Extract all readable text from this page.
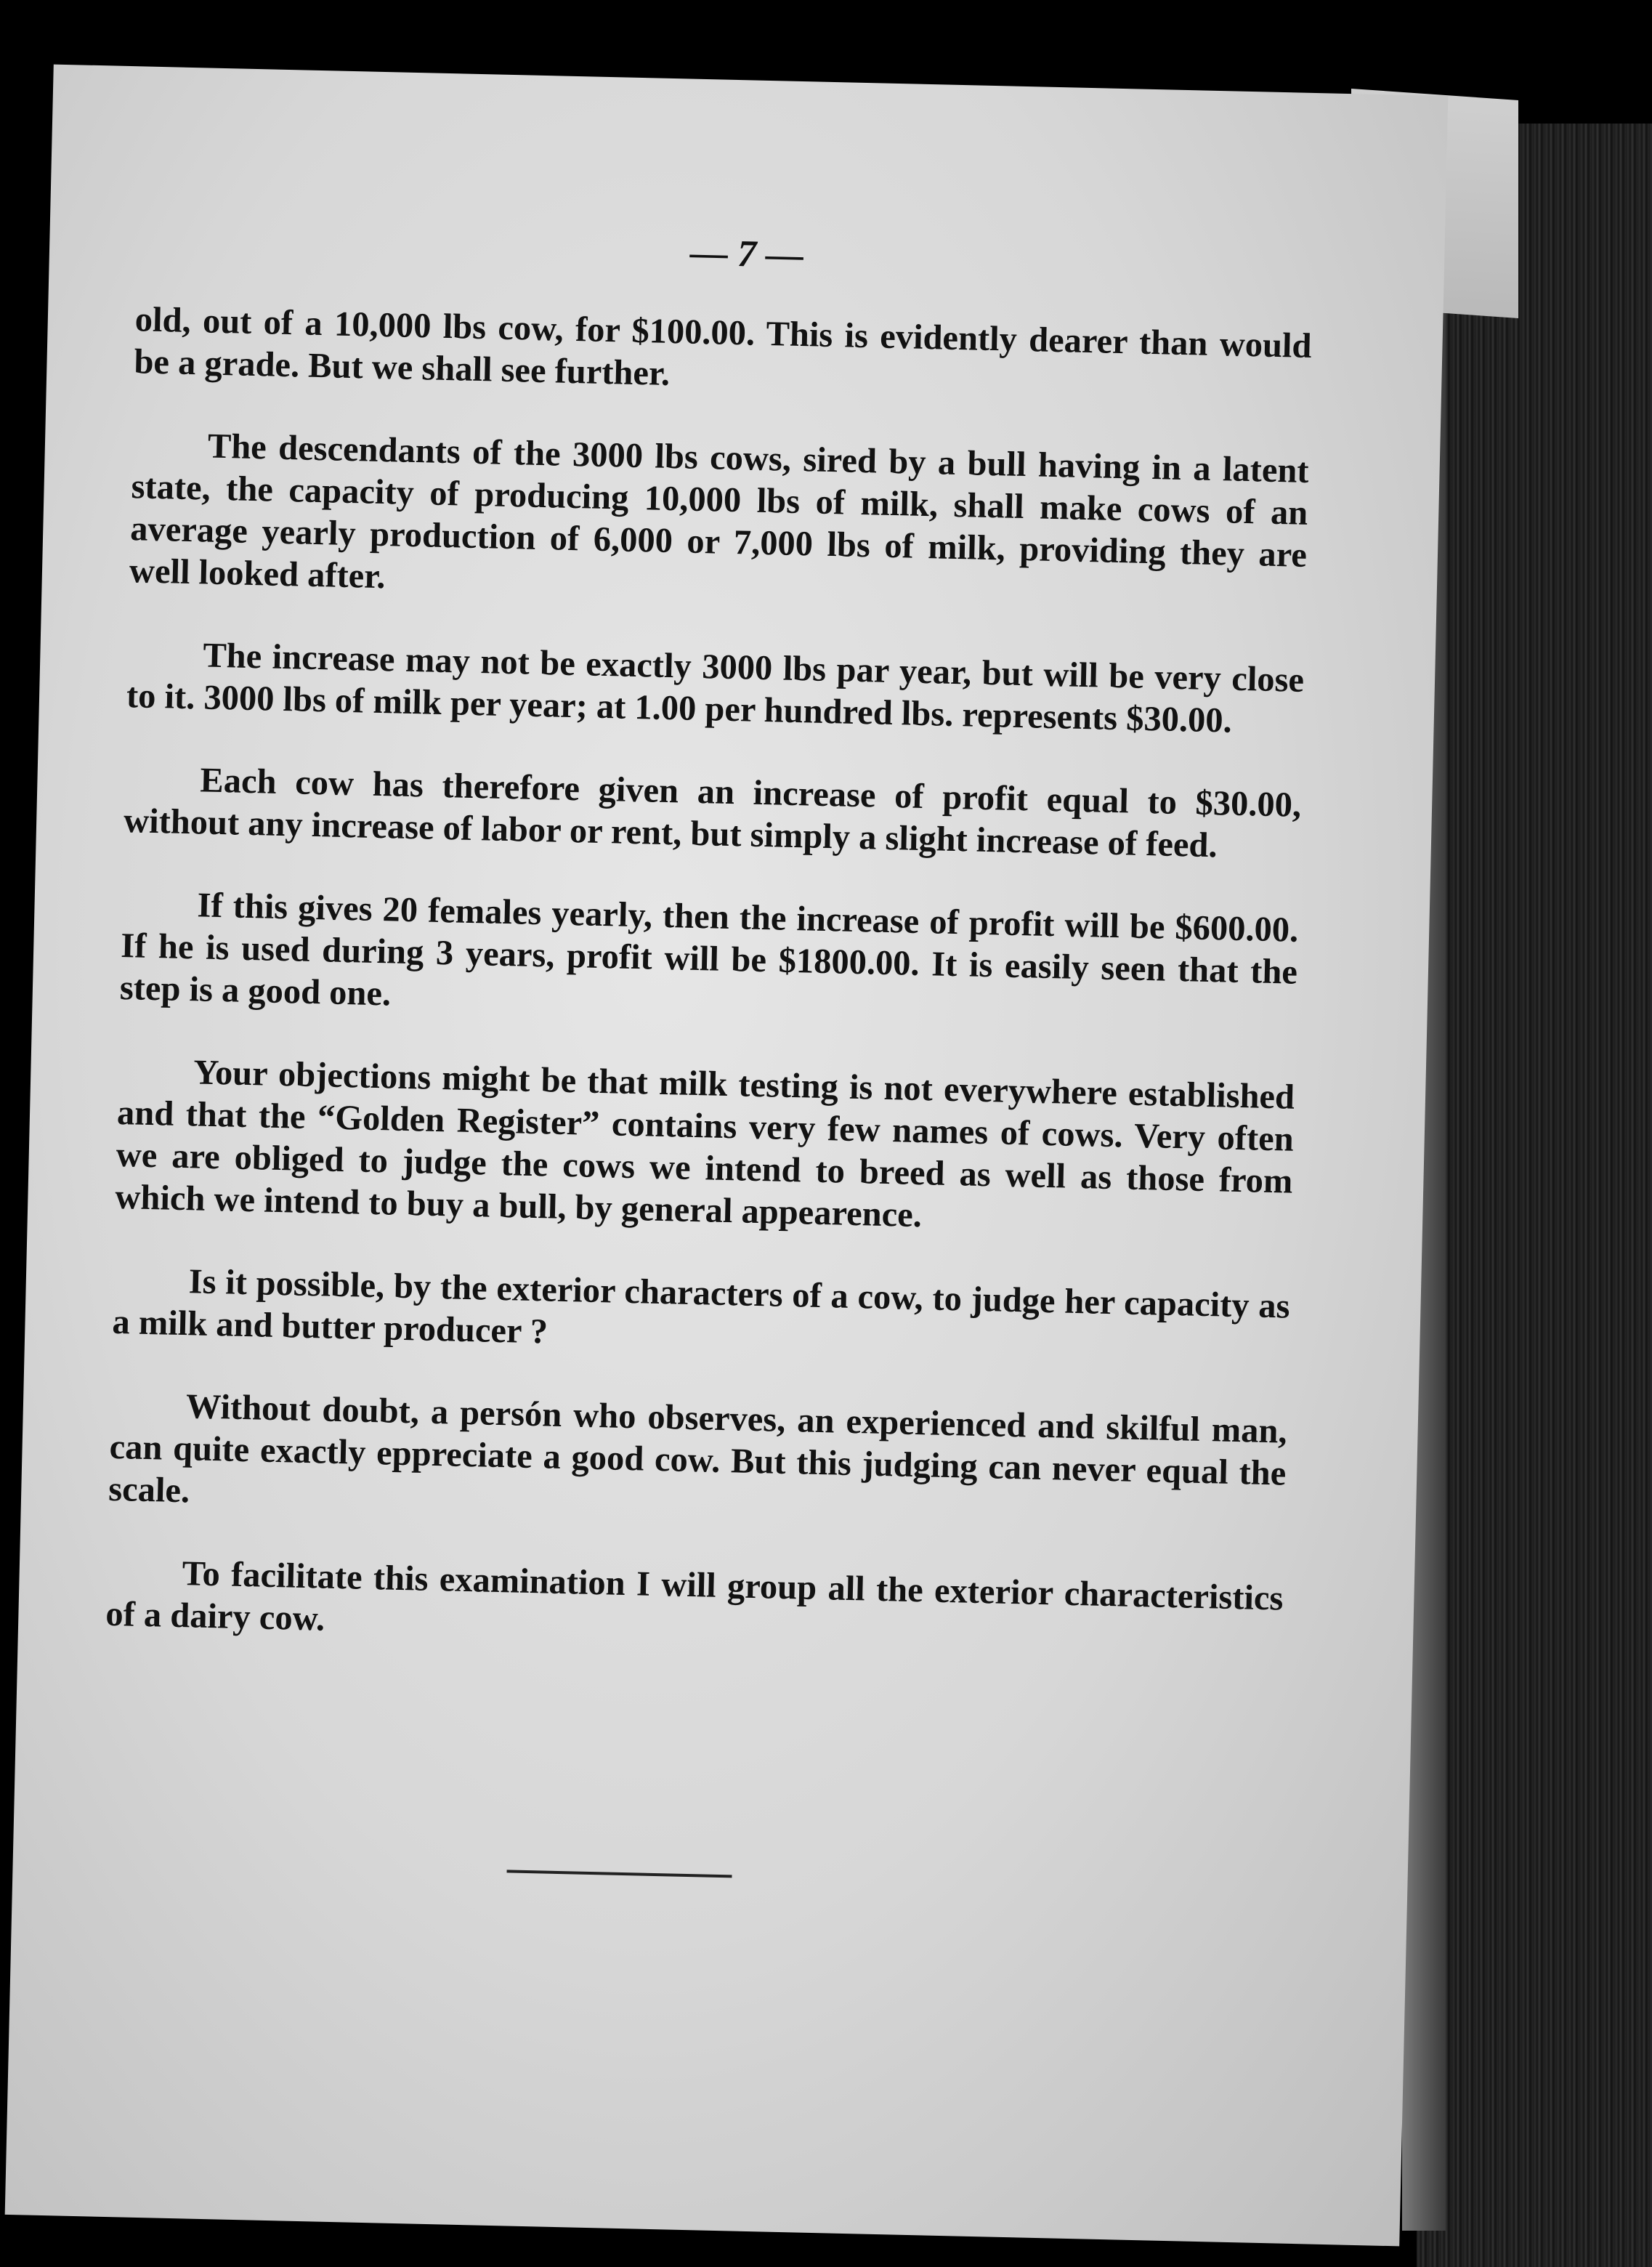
— 7 —

old, out of a 10,000 lbs cow, for $100.00. This is evidently dearer than would be a grade. But we shall see further.

The descendants of the 3000 lbs cows, sired by a bull having in a latent state, the capacity of producing 10,000 lbs of milk, shall make cows of an average yearly production of 6,000 or 7,000 lbs of milk, providing they are well looked after.

The increase may not be exactly 3000 lbs par year, but will be very close to it. 3000 lbs of milk per year; at 1.00 per hundred lbs. represents $30.00.

Each cow has therefore given an increase of profit equal to $30.00, without any increase of labor or rent, but simply a slight increase of feed.

If this gives 20 females yearly, then the increase of profit will be $600.00. If he is used during 3 years, profit will be $1800.00. It is easily seen that the step is a good one.

Your objections might be that milk testing is not everywhere established and that the “Golden Register” contains very few names of cows. Very often we are obliged to judge the cows we intend to breed as well as those from which we intend to buy a bull, by general appearence.

Is it possible, by the exterior characters of a cow, to judge her capacity as a milk and butter producer ?

Without doubt, a persón who observes, an experienced and skilful man, can quite exactly eppreciate a good cow. But this judging can never equal the scale.

To facilitate this examination I will group all the exterior characteristics of a dairy cow.
